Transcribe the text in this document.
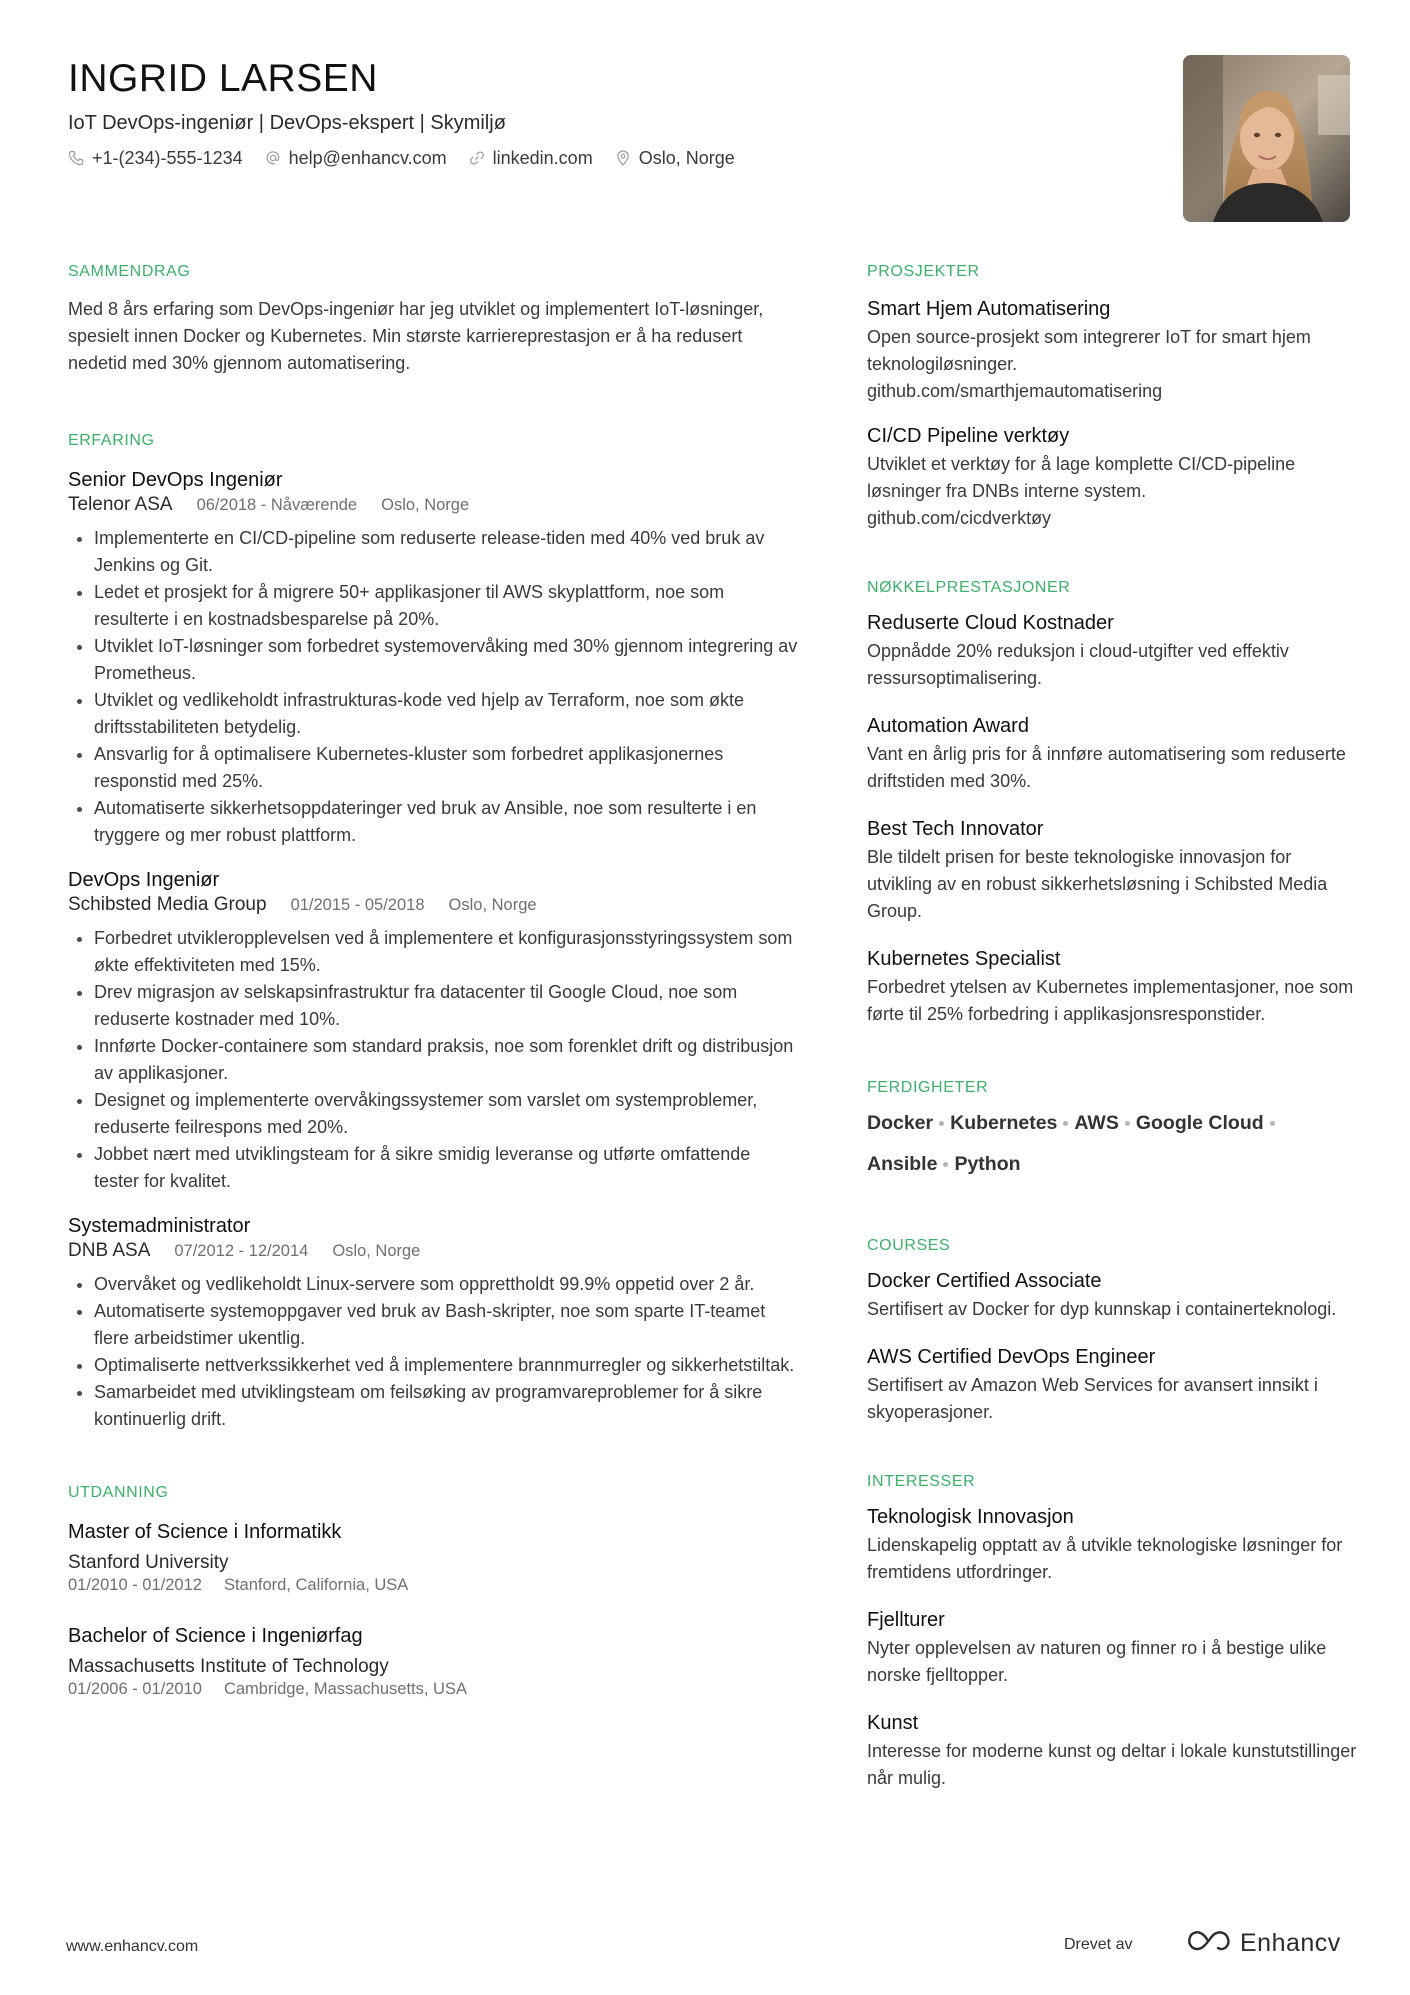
INGRID LARSEN
IoT DevOps-ingeniør | DevOps-ekspert | Skymiljø
+1-(234)-555-1234	help@enhancv.com	linkedin.com	Oslo, Norge
SAMMENDRAG
Med 8 års erfaring som DevOps-ingeniør har jeg utviklet og implementert IoT-løsninger, spesielt innen Docker og Kubernetes. Min største karriereprestasjon er å ha redusert nedetid med 30% gjennom automatisering.
ERFARING
Senior DevOps Ingeniør
Telenor ASA 06/2018 - Nåværende Oslo, Norge
Implementerte en CI/CD-pipeline som reduserte release-tiden med 40% ved bruk av Jenkins og Git.
Ledet et prosjekt for å migrere 50+ applikasjoner til AWS skyplattform, noe som resulterte i en kostnadsbesparelse på 20%.
Utviklet IoT-løsninger som forbedret systemovervåking med 30% gjennom integrering av Prometheus.
Utviklet og vedlikeholdt infrastrukturas-kode ved hjelp av Terraform, noe som økte driftsstabiliteten betydelig.
Ansvarlig for å optimalisere Kubernetes-kluster som forbedret applikasjonernes responstid med 25%.
Automatiserte sikkerhetsoppdateringer ved bruk av Ansible, noe som resulterte i en tryggere og mer robust plattform.
DevOps Ingeniør
Schibsted Media Group 01/2015 - 05/2018 Oslo, Norge
Forbedret utvikleropplevelsen ved å implementere et konfigurasjonsstyringssystem som økte effektiviteten med 15%.
Drev migrasjon av selskapsinfrastruktur fra datacenter til Google Cloud, noe som reduserte kostnader med 10%.
Innførte Docker-containere som standard praksis, noe som forenklet drift og distribusjon av applikasjoner.
Designet og implementerte overvåkingssystemer som varslet om systemproblemer, reduserte feilrespons med 20%.
Jobbet nært med utviklingsteam for å sikre smidig leveranse og utførte omfattende tester for kvalitet.
Systemadministrator
DNB ASA 07/2012 - 12/2014 Oslo, Norge
Overvåket og vedlikeholdt Linux-servere som opprettholdt 99.9% oppetid over 2 år.
Automatiserte systemoppgaver ved bruk av Bash-skripter, noe som sparte IT-teamet flere arbeidstimer ukentlig.
Optimaliserte nettverkssikkerhet ved å implementere brannmurregler og sikkerhetstiltak.
Samarbeidet med utviklingsteam om feilsøking av programvareproblemer for å sikre kontinuerlig drift.
UTDANNING
Master of Science i Informatikk
Stanford University
01/2010 - 01/2012 Stanford, California, USA
Bachelor of Science i Ingeniørfag
Massachusetts Institute of Technology
01/2006 - 01/2010 Cambridge, Massachusetts, USA
PROSJEKTER
Smart Hjem Automatisering
Open source-prosjekt som integrerer IoT for smart hjem teknologiløsninger.
github.com/smarthjemautomatisering
CI/CD Pipeline verktøy
Utviklet et verktøy for å lage komplette CI/CD-pipeline løsninger fra DNBs interne system.
github.com/cicdverktøy
NØKKELPRESTASJONER
Reduserte Cloud Kostnader
Oppnådde 20% reduksjon i cloud-utgifter ved effektiv ressursoptimalisering.
Automation Award
Vant en årlig pris for å innføre automatisering som reduserte driftstiden med 30%.
Best Tech Innovator
Ble tildelt prisen for beste teknologiske innovasjon for utvikling av en robust sikkerhetsløsning i Schibsted Media Group.
Kubernetes Specialist
Forbedret ytelsen av Kubernetes implementasjoner, noe som førte til 25% forbedring i applikasjonsresponstider.
FERDIGHETER
Docker Kubernetes AWS Google Cloud
Ansible Python
COURSES
Docker Certified Associate
Sertifisert av Docker for dyp kunnskap i containerteknologi.
AWS Certified DevOps Engineer
Sertifisert av Amazon Web Services for avansert innsikt i skyoperasjoner.
INTERESSER
Teknologisk Innovasjon
Lidenskapelig opptatt av å utvikle teknologiske løsninger for fremtidens utfordringer.
Fjellturer
Nyter opplevelsen av naturen og finner ro i å bestige ulike norske fjelltopper.
Kunst
Interesse for moderne kunst og deltar i lokale kunstutstillinger når mulig.
www.enhancv.com	Drevet av	Enhancv
